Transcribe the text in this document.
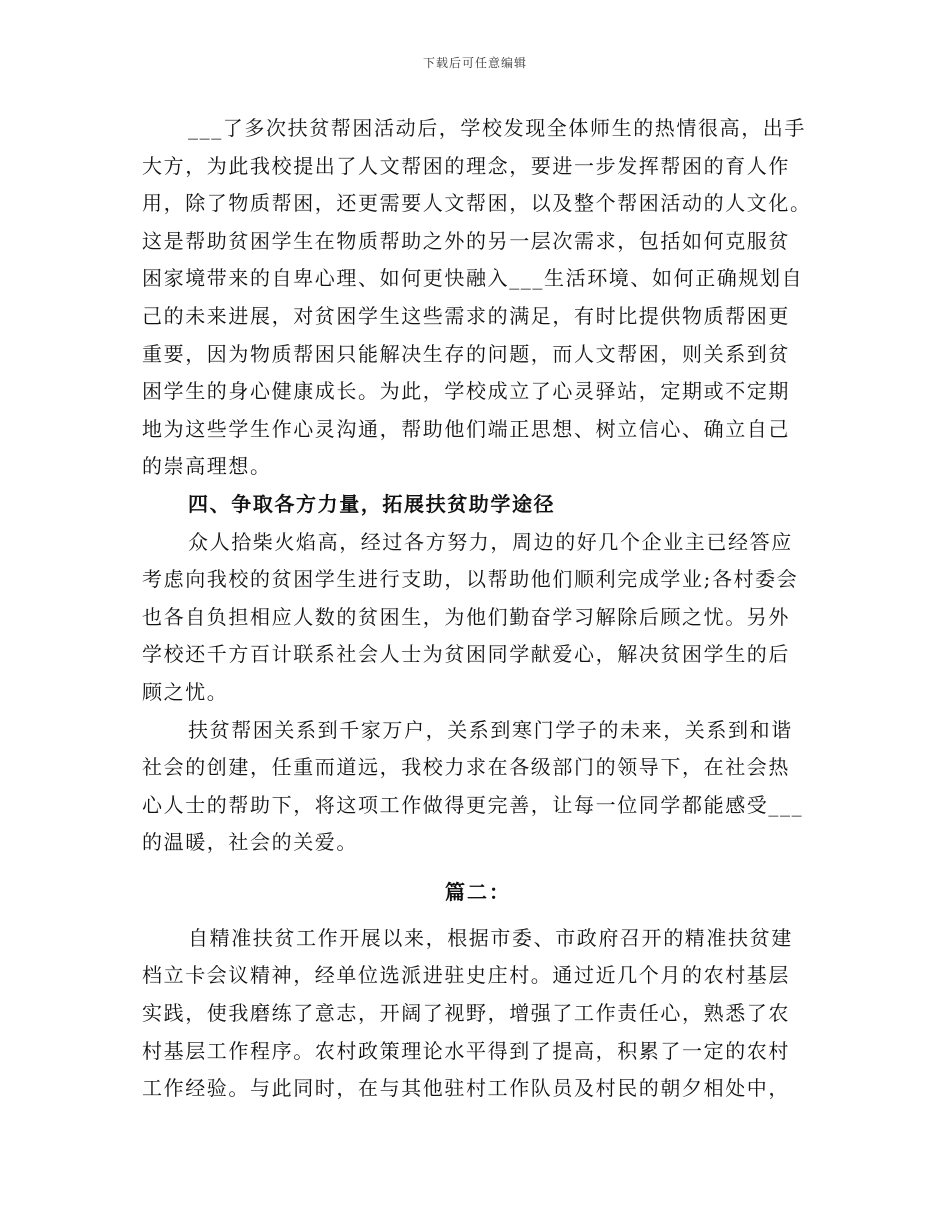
下载后可任意编辑
___了多次扶贫帮困活动后，学校发现全体师生的热情很高，出手
大方，为此我校提出了人文帮困的理念，要进一步发挥帮困的育人作
用，除了物质帮困，还更需要人文帮困，以及整个帮困活动的人文化。
这是帮助贫困学生在物质帮助之外的另一层次需求，包括如何克服贫
困家境带来的自卑心理、如何更快融入___生活环境、如何正确规划自
己的未来进展，对贫困学生这些需求的满足，有时比提供物质帮困更
重要，因为物质帮困只能解决生存的问题，而人文帮困，则关系到贫
困学生的身心健康成长。为此，学校成立了心灵驿站，定期或不定期
地为这些学生作心灵沟通，帮助他们端正思想、树立信心、确立自己
的崇高理想。
四、争取各方力量，拓展扶贫助学途径
众人拾柴火焰高，经过各方努力，周边的好几个企业主已经答应
考虑向我校的贫困学生进行支助，以帮助他们顺利完成学业;各村委会
也各自负担相应人数的贫困生，为他们勤奋学习解除后顾之忧。另外
学校还千方百计联系社会人士为贫困同学献爱心，解决贫困学生的后
顾之忧。
扶贫帮困关系到千家万户，关系到寒门学子的未来，关系到和谐
社会的创建，任重而道远，我校力求在各级部门的领导下，在社会热
心人士的帮助下，将这项工作做得更完善，让每一位同学都能感受___
的温暖，社会的关爱。
篇二：
自精准扶贫工作开展以来，根据市委、市政府召开的精准扶贫建
档立卡会议精神，经单位选派进驻史庄村。通过近几个月的农村基层
实践，使我磨练了意志，开阔了视野，增强了工作责任心，熟悉了农
村基层工作程序。农村政策理论水平得到了提高，积累了一定的农村
工作经验。与此同时，在与其他驻村工作队员及村民的朝夕相处中，
